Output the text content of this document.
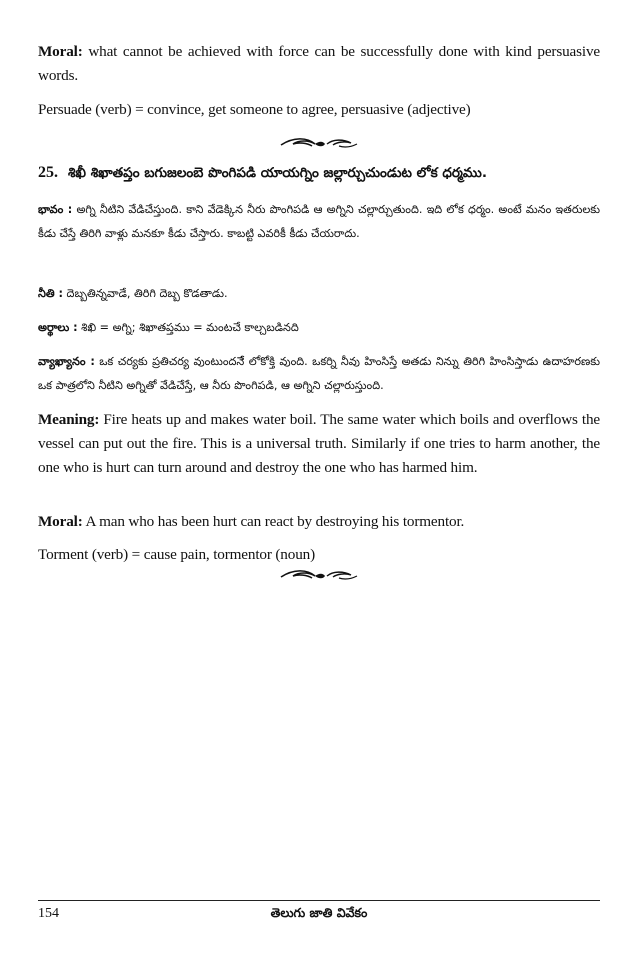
Moral: what cannot be achieved with force can be successfully done with kind persuasive words.
Persuade (verb) = convince, get someone to agree, persuasive (adjective)
25. శిఖీ శిఖాతప్తం బగుజలంబె పొంగిపడి యాయగ్నిం జల్లార్చుచుండుట లోక ధర్మము.
భావం : అగ్ని నీటిని వేడిచేస్తుంది. కాని వేడెక్కిన నీరు పొంగిపడి ఆ అగ్నిని చల్లార్చుతుంది. ఇది లోక ధర్మం. అంటే మనం ఇతరులకు కీడు చేస్తే తిరిగి వాళ్లు మనకూ కీడు చేస్తారు. కాబట్టి ఎవరికీ కీడు చేయరాదు.
నీతి : దెబ్బతిన్నవాడే, తిరిగి దెబ్బ కొడతాడు.
అర్థాలు : శిఖి = అగ్ని; శిఖాతప్తము = మంటచే కాల్చబడినది
వ్యాఖ్యానం : ఒక చర్యకు ప్రతిచర్య వుంటుందనేే లోకోక్తి వుంది. ఒకర్ని నీవు హింసిస్తే అతడు నిన్ను తిరిగి హింసిస్తాడు ఉదాహరణకు ఒక పాత్రలోని నీటిని అగ్నితో వేడిచేస్తే, ఆ నీరు పొంగిపడి, ఆ అగ్నిని చల్లారుస్తుంది.
Meaning: Fire heats up and makes water boil. The same water which boils and overflows the vessel can put out the fire. This is a universal truth. Similarly if one tries to harm another, the one who is hurt can turn around and destroy the one who has harmed him.
Moral: A man who has been hurt can react by destroying his tormentor.
Torment (verb) = cause pain, tormentor (noun)
154	తెలుగు జాతి వివేకం
